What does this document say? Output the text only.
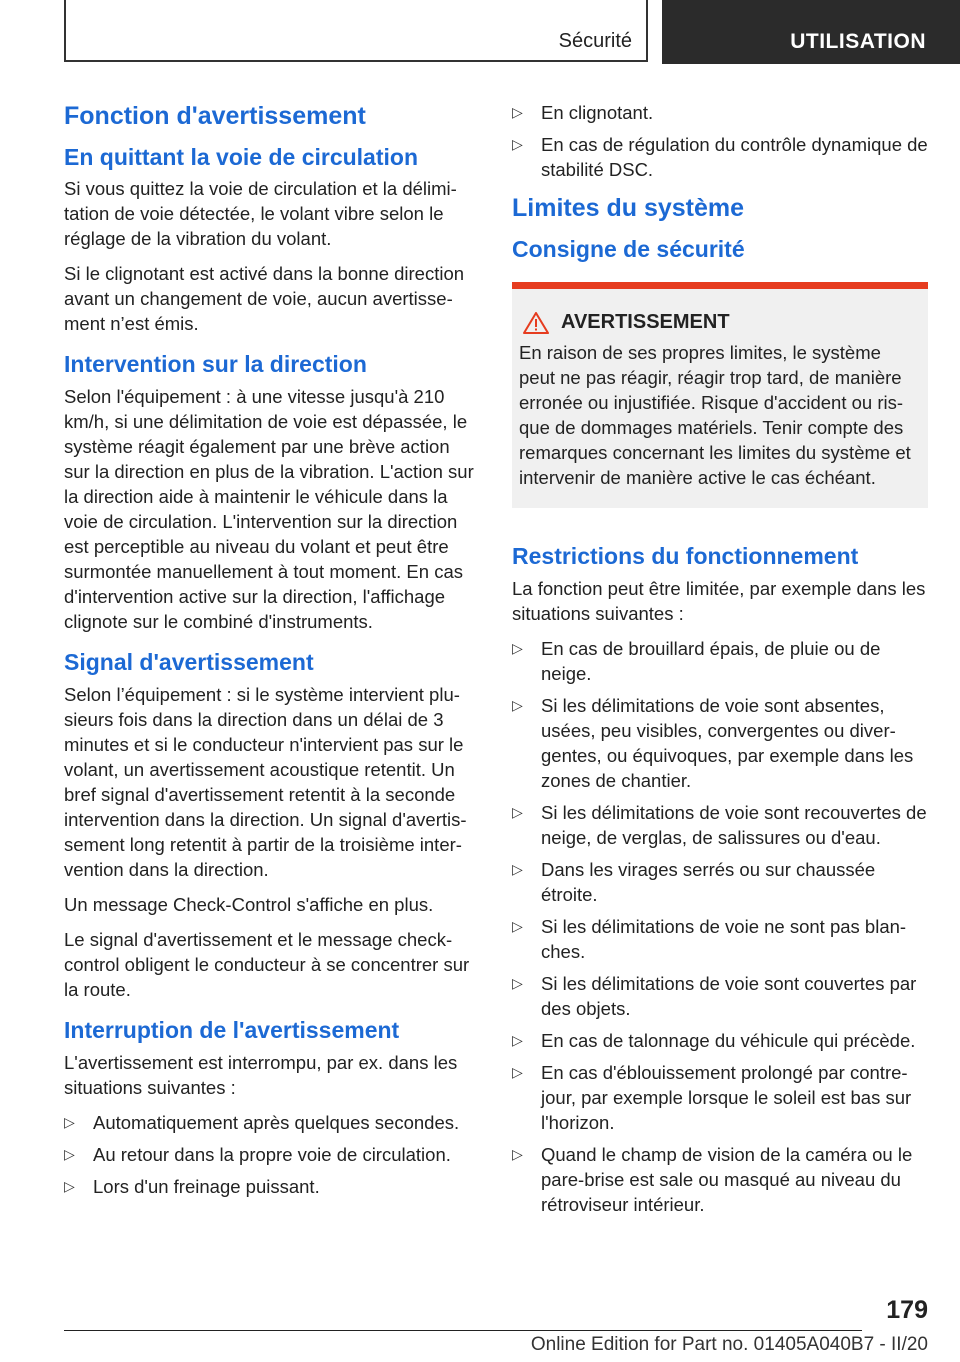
Sécurité	UTILISATION
Fonction d'avertissement
En quittant la voie de circulation

Si vous quittez la voie de circulation et la délimitation de voie détectée, le volant vibre selon le réglage de la vibration du volant.

Si le clignotant est activé dans la bonne direction avant un changement de voie, aucun avertissement n’est émis.

Intervention sur la direction

Selon l'équipement : à une vitesse jusqu'à 210 km/h, si une délimitation de voie est dépassée, le système réagit également par une brève action sur la direction en plus de la vibration. L'action sur la direction aide à maintenir le véhicule dans la voie de circulation. L'intervention sur la direction est perceptible au niveau du volant et peut être surmontée manuellement à tout moment. En cas d'intervention active sur la direction, l'affichage clignote sur le combiné d'instruments.

Signal d'avertissement

Selon l’équipement : si le système intervient plusieurs fois dans la direction dans un délai de 3 minutes et si le conducteur n'intervient pas sur le volant, un avertissement acoustique retentit. Un bref signal d'avertissement retentit à la seconde intervention dans la direction. Un signal d'avertissement long retentit à partir de la troisième intervention dans la direction.

Un message Check-Control s'affiche en plus.

Le signal d'avertissement et le message check-control obligent le conducteur à se concentrer sur la route.

Interruption de l'avertissement

L'avertissement est interrompu, par ex. dans les situations suivantes :

▷ Automatiquement après quelques secondes.
▷ Au retour dans la propre voie de circulation.
▷ Lors d'un freinage puissant.
▷ En clignotant.
▷ En cas de régulation du contrôle dynamique de stabilité DSC.
Limites du système
Consigne de sécurité
AVERTISSEMENT

En raison de ses propres limites, le système peut ne pas réagir, réagir trop tard, de manière erronée ou injustifiée. Risque d'accident ou risque de dommages matériels. Tenir compte des remarques concernant les limites du système et intervenir de manière active le cas échéant.

Restrictions du fonctionnement

La fonction peut être limitée, par exemple dans les situations suivantes :

▷ En cas de brouillard épais, de pluie ou de neige.
▷ Si les délimitations de voie sont absentes, usées, peu visibles, convergentes ou divergentes, ou équivoques, par exemple dans les zones de chantier.
▷ Si les délimitations de voie sont recouvertes de neige, de verglas, de salissures ou d'eau.
▷ Dans les virages serrés ou sur chaussée étroite.
▷ Si les délimitations de voie ne sont pas blanches.
▷ Si les délimitations de voie sont couvertes par des objets.
▷ En cas de talonnage du véhicule qui précède.
▷ En cas d'éblouissement prolongé par contre-jour, par exemple lorsque le soleil est bas sur l'horizon.
▷ Quand le champ de vision de la caméra ou le pare-brise est sale ou masqué au niveau du rétroviseur intérieur.
179
Online Edition for Part no. 01405A040B7 - II/20
